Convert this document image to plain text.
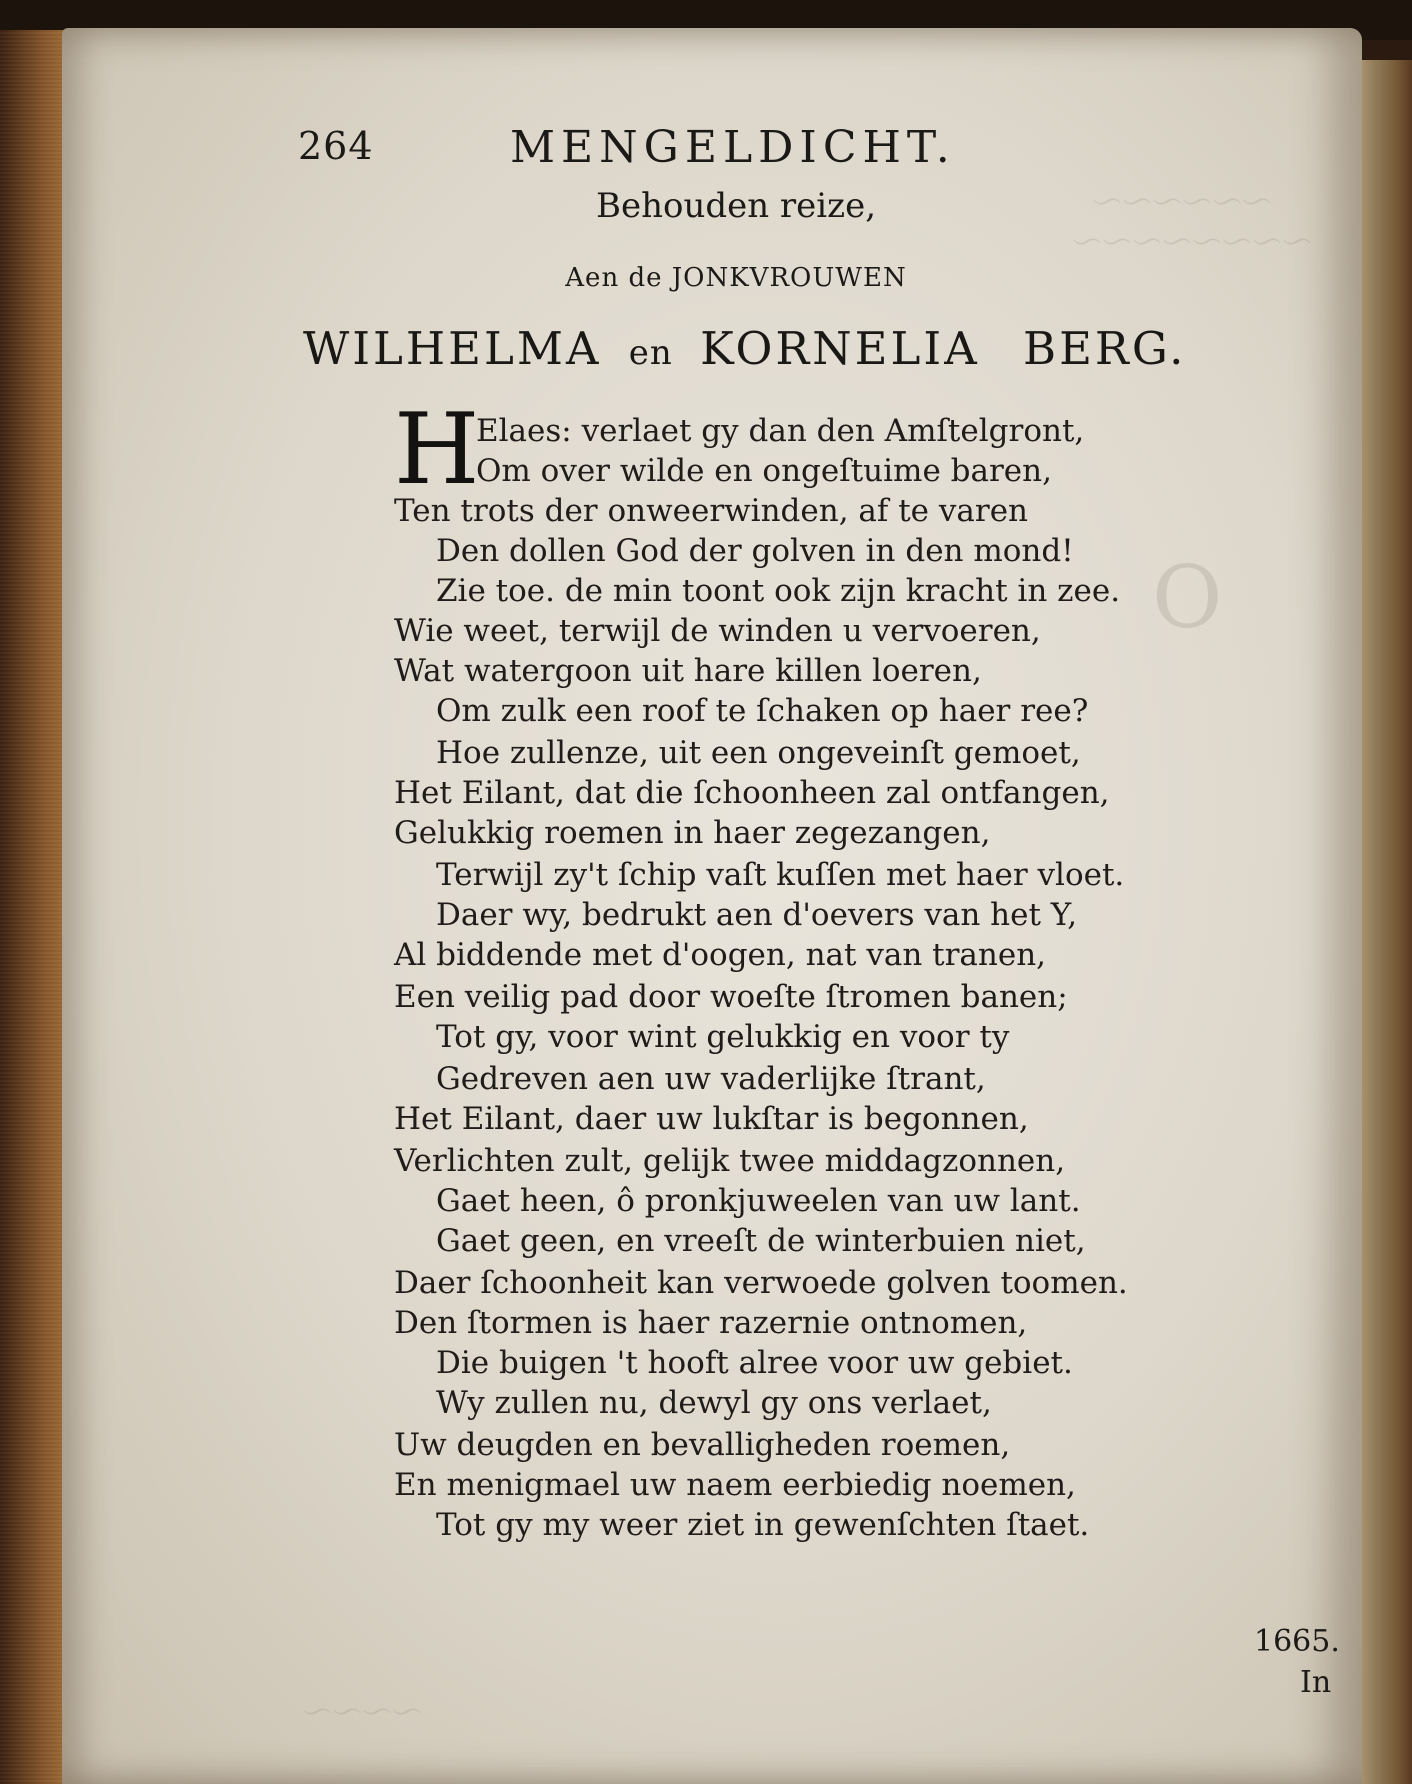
～～～～～～
～～～～～～～～
O
～～～～
264	MENGELDICHT.
Behouden reize,
Aen de JONKVROUWEN
WILHELMA en KORNELIA BERG.
H
Elaes: verlaet gy dan den Amſtelgront,
Om over wilde en ongeſtuime baren,
Ten trots der onweerwinden, af te varen
Den dollen God der golven in den mond!
Zie toe. de min toont ook zijn kracht in zee.
Wie weet, terwijl de winden u vervoeren,
Wat watergoon uit hare killen loeren,
Om zulk een roof te ſchaken op haer ree?
Hoe zullenze, uit een ongeveinſt gemoet,
Het Eilant, dat die ſchoonheen zal ontfangen,
Gelukkig roemen in haer zegezangen,
Terwijl zy't ſchip vaſt kuſſen met haer vloet.
Daer wy, bedrukt aen d'oevers van het Y,
Al biddende met d'oogen, nat van tranen,
Een veilig pad door woeſte ſtromen banen;
Tot gy, voor wint gelukkig en voor ty
Gedreven aen uw vaderlijke ſtrant,
Het Eilant, daer uw lukſtar is begonnen,
Verlichten zult, gelijk twee middagzonnen,
Gaet heen, ô pronkjuweelen van uw lant.
Gaet geen, en vreeſt de winterbuien niet,
Daer ſchoonheit kan verwoede golven toomen.
Den ſtormen is haer razernie ontnomen,
Die buigen 't hooft alree voor uw gebiet.
Wy zullen nu, dewyl gy ons verlaet,
Uw deugden en bevalligheden roemen,
En menigmael uw naem eerbiedig noemen,
Tot gy my weer ziet in gewenſchten ſtaet.
1665.
In
